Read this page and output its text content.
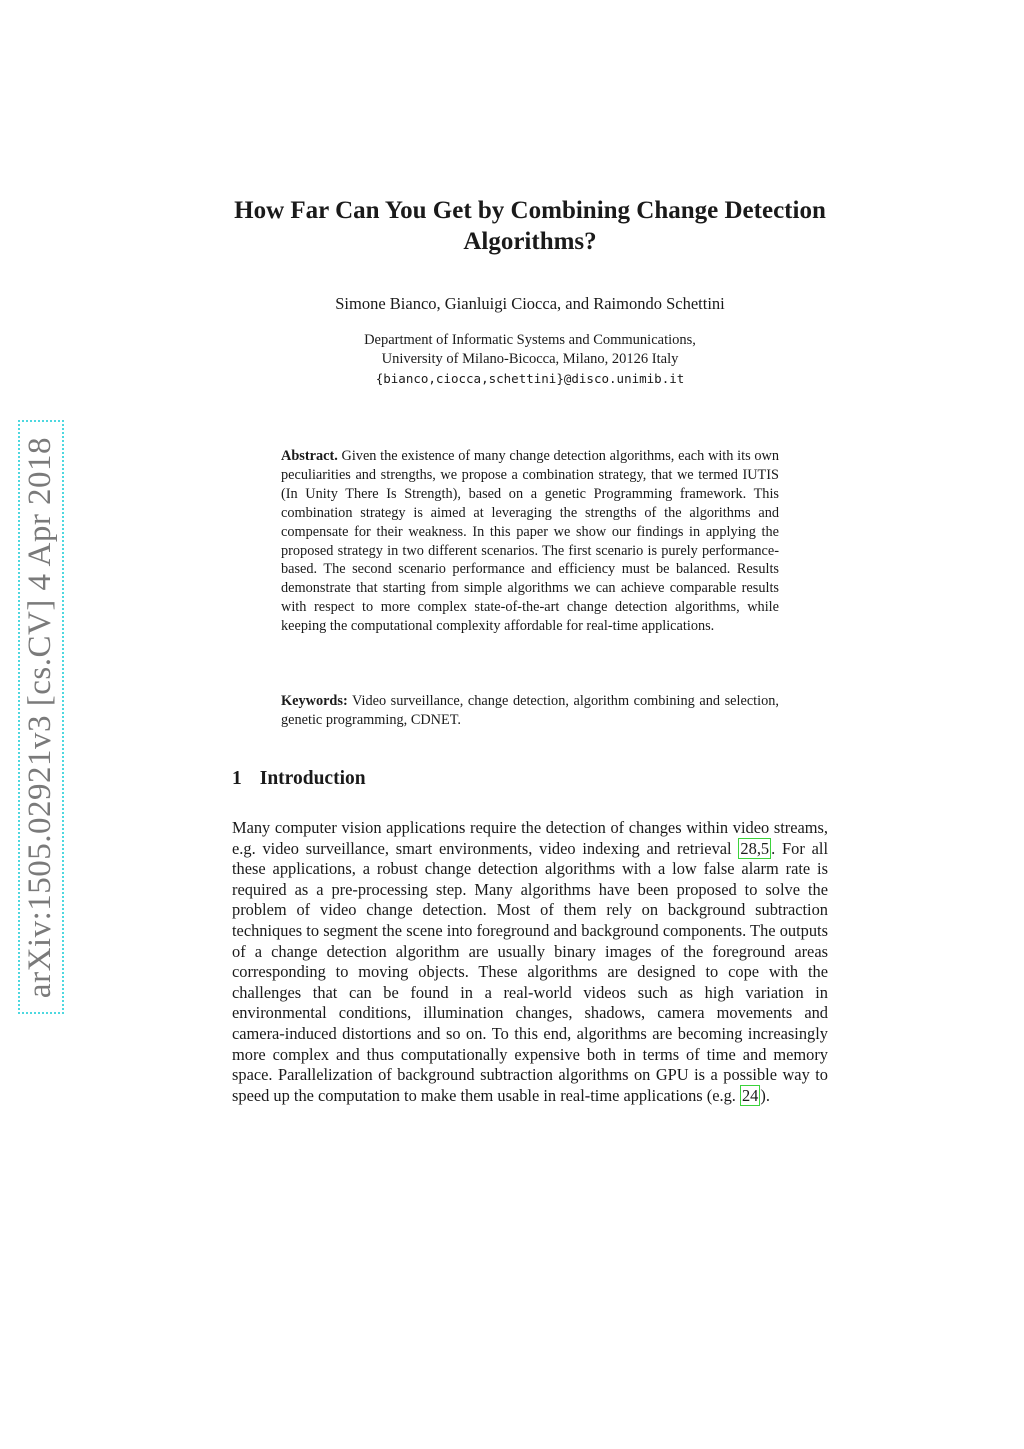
arXiv:1505.02921v3 [cs.CV] 4 Apr 2018
How Far Can You Get by Combining Change Detection Algorithms?
Simone Bianco, Gianluigi Ciocca, and Raimondo Schettini
Department of Informatic Systems and Communications,
University of Milano-Bicocca, Milano, 20126 Italy
{bianco,ciocca,schettini}@disco.unimib.it

Abstract. Given the existence of many change detection algorithms, each with its own peculiarities and strengths, we propose a combination strategy, that we termed IUTIS (In Unity There Is Strength), based on a genetic Programming framework. This combination strategy is aimed at leveraging the strengths of the algorithms and compensate for their weakness. In this paper we show our findings in applying the proposed strategy in two different scenarios. The first scenario is purely performance-based. The second scenario performance and efficiency must be balanced. Results demonstrate that starting from simple algorithms we can achieve comparable results with respect to more complex state-of-the-art change detection algorithms, while keeping the computational complexity affordable for real-time applications.

Keywords: Video surveillance, change detection, algorithm combining and selection, genetic programming, CDNET.

1 Introduction

Many computer vision applications require the detection of changes within video streams, e.g. video surveillance, smart environments, video indexing and retrieval 28,5 . For all these applications, a robust change detection algorithms with a low false alarm rate is required as a pre-processing step. Many algorithms have been proposed to solve the problem of video change detection. Most of them rely on background subtraction techniques to segment the scene into foreground and background components. The outputs of a change detection algorithm are usually binary images of the foreground areas corresponding to moving objects. These algorithms are designed to cope with the challenges that can be found in a real-world videos such as high variation in environmental conditions, illumination changes, shadows, camera movements and camera-induced distortions and so on. To this end, algorithms are becoming increasingly more complex and thus computationally expensive both in terms of time and memory space. Parallelization of background subtraction algorithms on GPU is a possible way to speed up the computation to make them usable in real-time applications (e.g. 24 ).
